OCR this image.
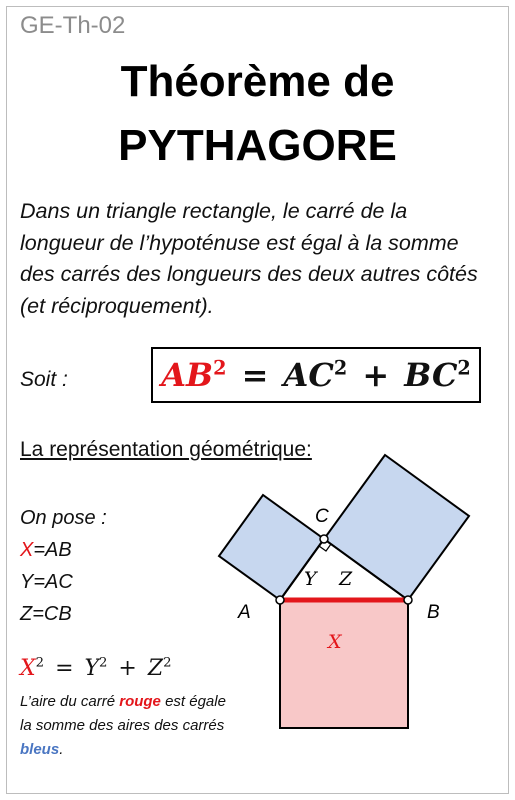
GE-Th-02
Théorème de
PYTHAGORE
Dans un triangle rectangle, le carré de la longueur de l’hypoténuse est égal à la somme des carrés des longueurs des deux autres côtés (et réciproquement).
Soit :	$AB^2 = AC^2 + BC^2$
La représentation géométrique:
On pose :
X=AB
Y=AC
Z=CB
$X^2 = Y^2 + Z^2$
L’aire du carré rouge est égale la somme des aires des carrés bleus.
A	B
C
Y Z
X
